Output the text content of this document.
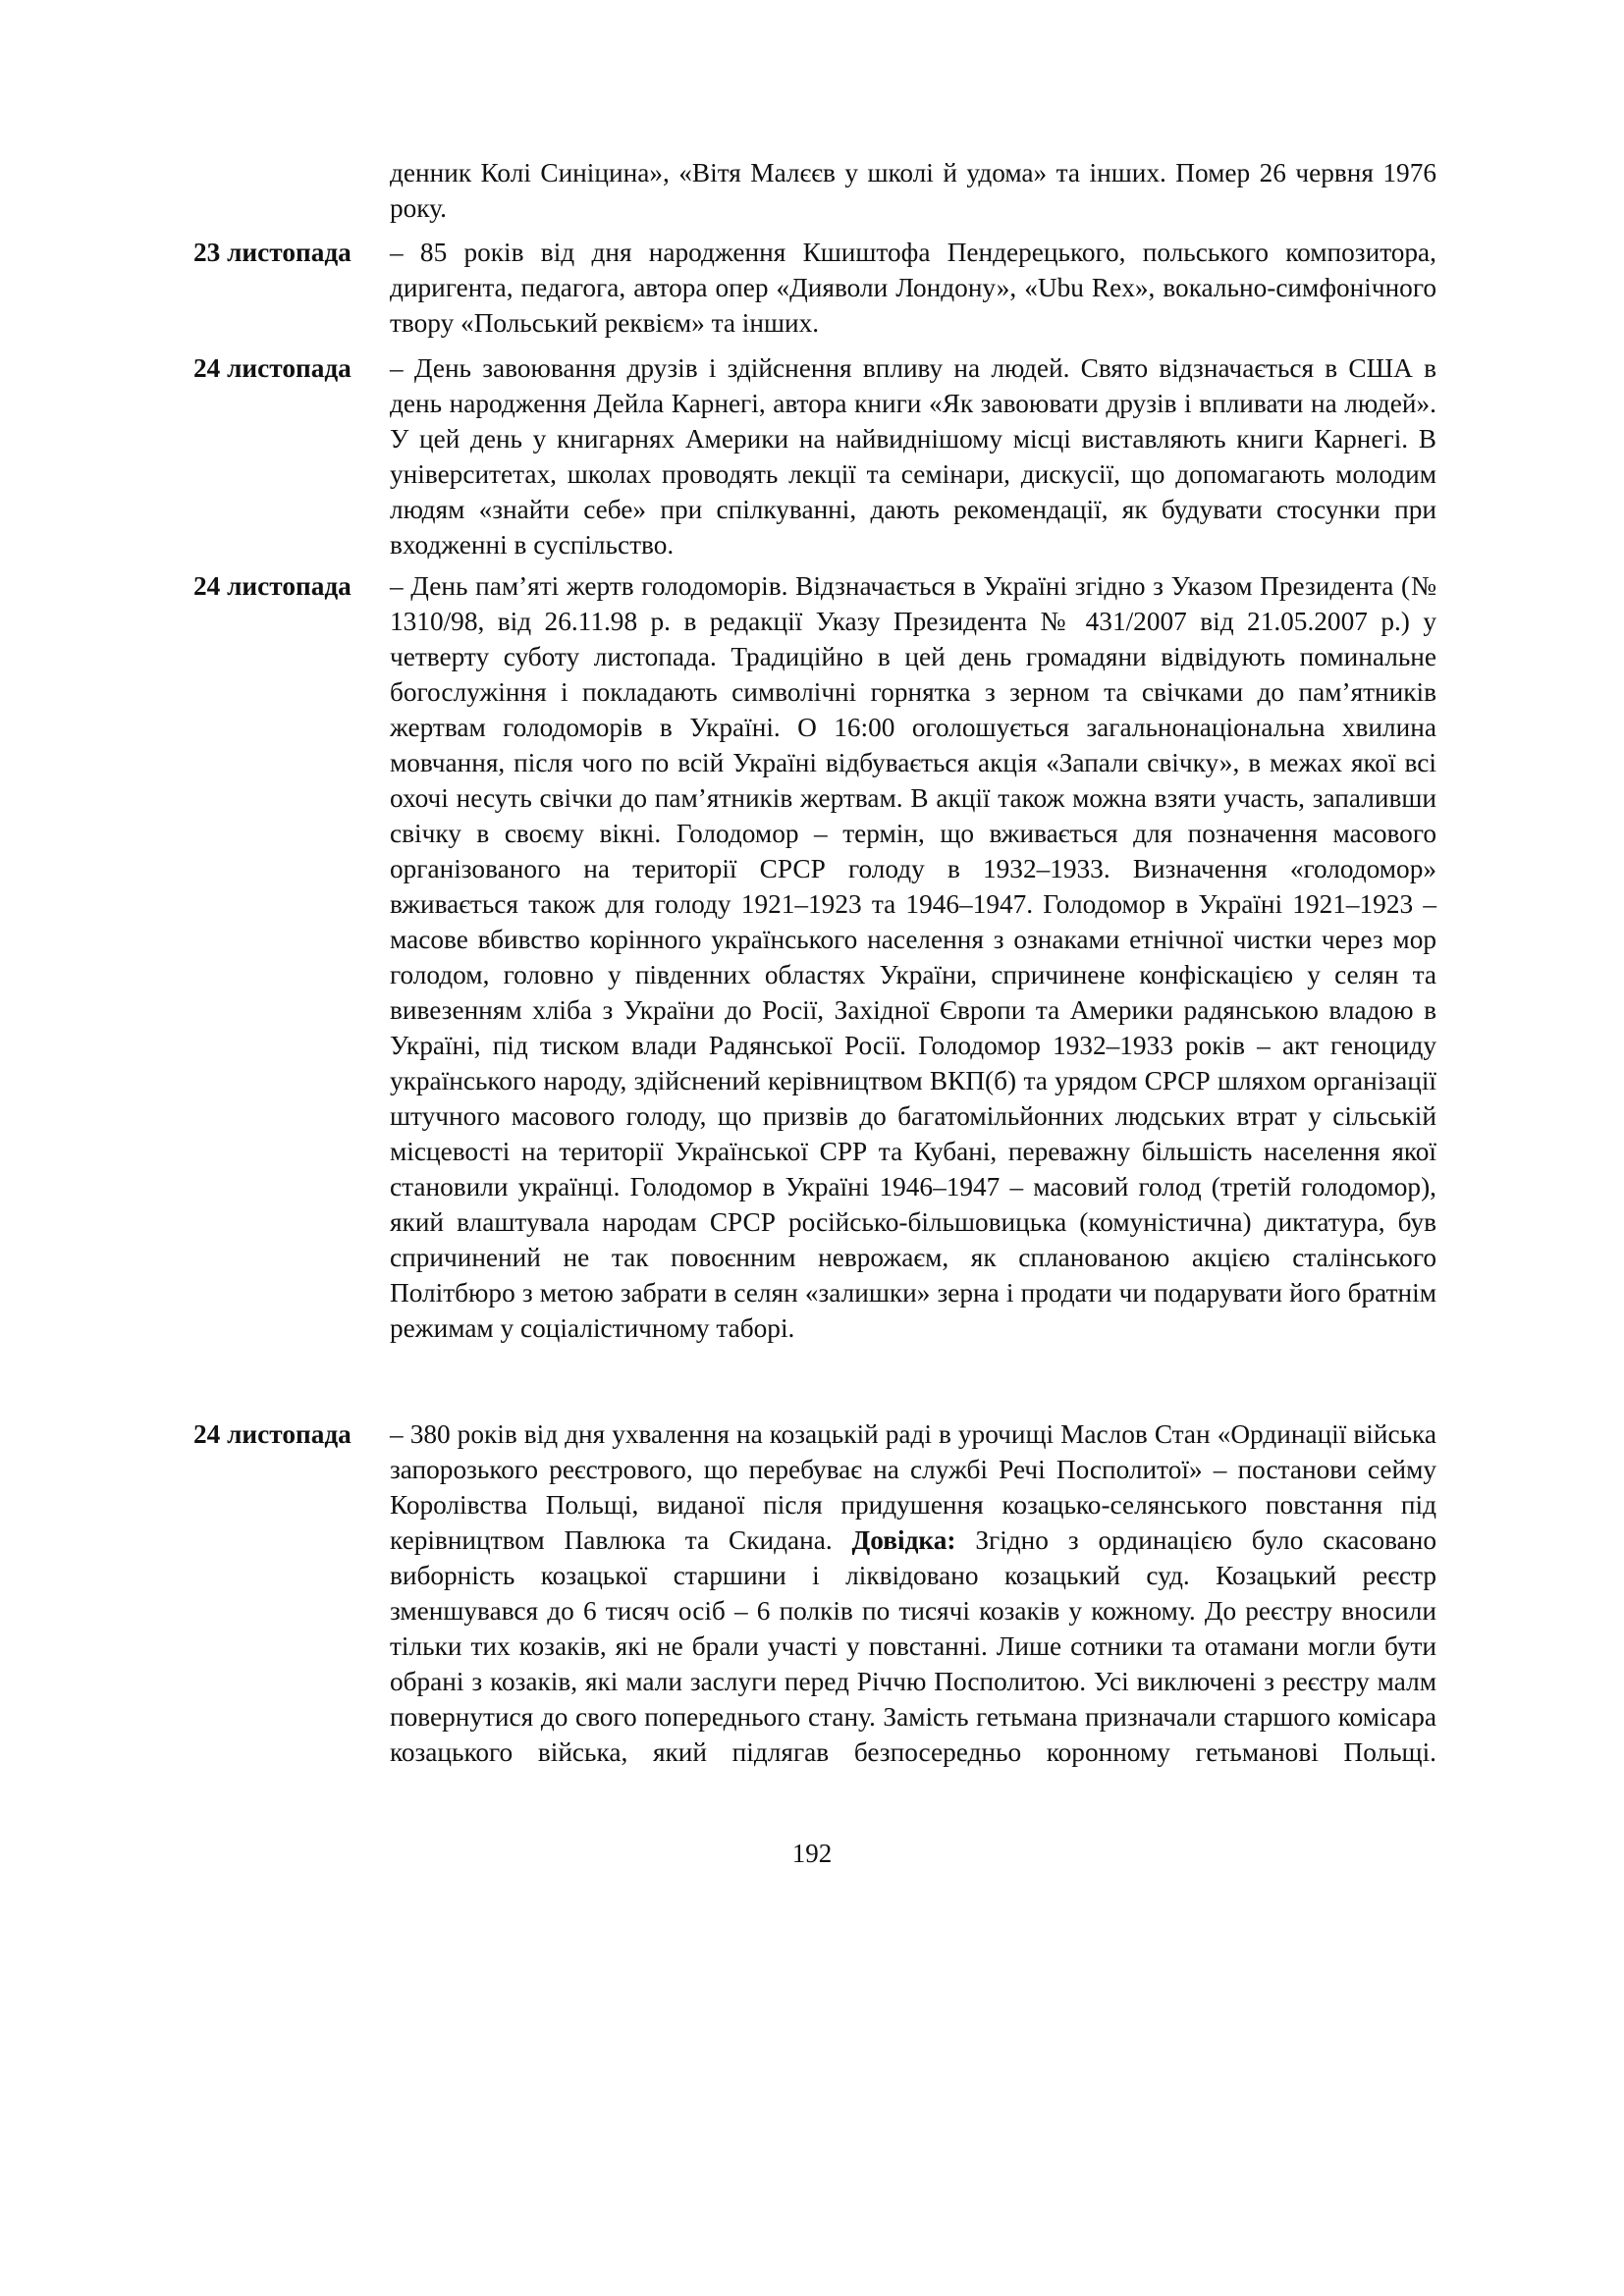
денник Колі Синіцина», «Вітя Малєєв у школі й удома» та інших. Помер 26 червня 1976 року.
23 листопада – 85 років від дня народження Кшиштофа Пендерецького, польського композитора, диригента, педагога, автора опер «Дияволи Лондону», «Ubu Rex», вокально-симфонічного твору «Польський реквієм» та інших.
24 листопада – День завоювання друзів і здійснення впливу на людей. Свято відзначається в США в день народження Дейла Карнегі, автора книги «Як завоювати друзів і впливати на людей». У цей день у книгарнях Америки на найвиднішому місці виставляють книги Карнегі. В університетах, школах проводять лекції та семінари, дискусії, що допомагають молодим людям «знайти себе» при спілкуванні, дають рекомендації, як будувати стосунки при входженні в суспільство.
24 листопада – День пам’яті жертв голодоморів. Відзначається в Україні згідно з Указом Президента (№ 1310/98, від 26.11.98 р. в редакції Указу Президента № 431/2007 від 21.05.2007 р.) у четверту суботу листопада. Традиційно в цей день громадяни відвідують поминальне богослужіння і покладають символічні горнятка з зерном та свічками до пам’ятників жертвам голодоморів в Україні. О 16:00 оголошується загальнонаціональна хвилина мовчання, після чого по всій Україні відбувається акція «Запали свічку», в межах якої всі охочі несуть свічки до пам’ятників жертвам. В акції також можна взяти участь, запаливши свічку в своєму вікні. Голодомор – термін, що вживається для позначення масового організованого на території СРСР голоду в 1932–1933. Визначення «голодомор» вживається також для голоду 1921–1923 та 1946–1947. Голодомор в Україні 1921–1923 – масове вбивство корінного українського населення з ознаками етнічної чистки через мор голодом, головно у південних областях України, спричинене конфіскацією у селян та вивезенням хліба з України до Росії, Західної Європи та Америки радянською владою в Україні, під тиском влади Радянської Росії. Голодомор 1932–1933 років – акт геноциду українського народу, здійснений керівництвом ВКП(б) та урядом СРСР шляхом організації штучного масового голоду, що призвів до багатомільйонних людських втрат у сільській місцевості на території Української СРР та Кубані, переважну більшість населення якої становили українці. Голодомор в Україні 1946–1947 – масовий голод (третій голодомор), який влаштувала народам СРСР російсько-більшовицька (комуністична) диктатура, був спричинений не так повоєнним неврожаєм, як спланованою акцією сталінського Політбюро з метою забрати в селян «залишки» зерна і продати чи подарувати його братнім режимам у соціалістичному таборі.
24 листопада – 380 років від дня ухвалення на козацькій раді в урочищі Маслов Стан «Ординації війська запорозького реєстрового, що перебуває на службі Речі Посполитої» – постанови сейму Королівства Польщі, виданої після придушення козацько-селянського повстання під керівництвом Павлюка та Скидана. Довідка: Згідно з ординацією було скасовано виборність козацької старшини і ліквідовано козацький суд. Козацький реєстр зменшувався до 6 тисяч осіб – 6 полків по тисячі козаків у кожному. До реєстру вносили тільки тих козаків, які не брали участі у повстанні. Лише сотники та отамани могли бути обрані з козаків, які мали заслуги перед Річчю Посполитою. Усі виключені з реєстру малм повернутися до свого попереднього стану. Замість гетьмана призначали старшого комісара козацького війська, який підлягав безпосередньо коронному гетьманові Польщі.
192
